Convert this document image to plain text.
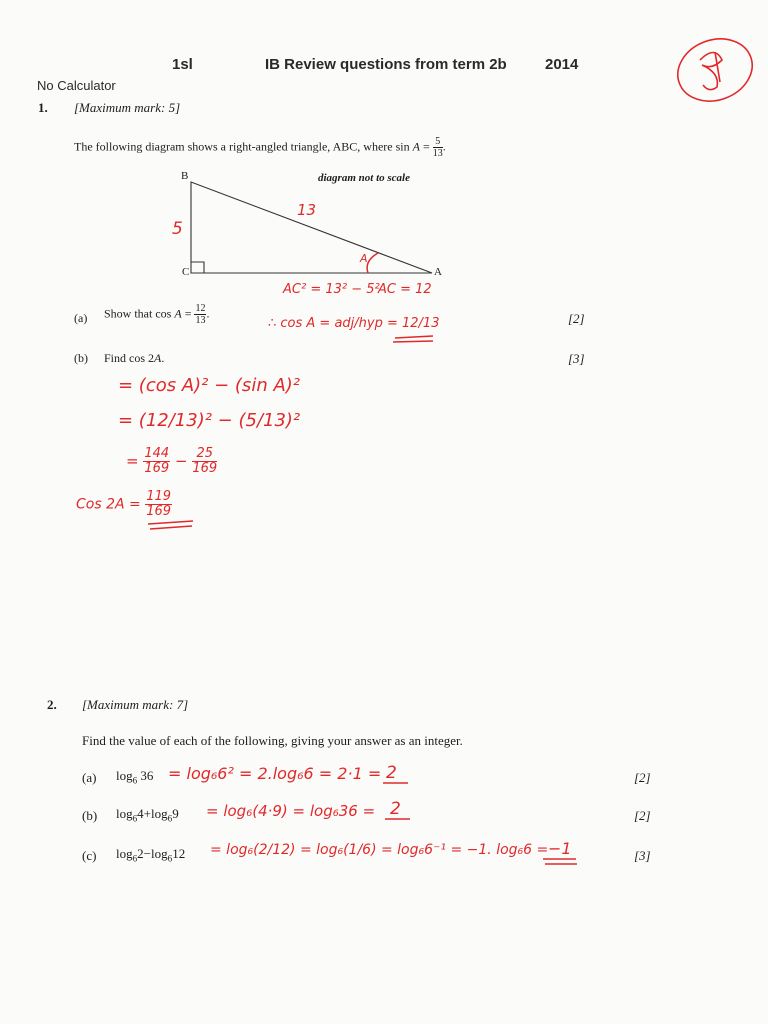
1sl	IB Review questions from term 2b	2014
No Calculator
1. [Maximum mark: 5]
The following diagram shows a right-angled triangle, ABC, where $\sin A = \frac{5}{13}$ .
diagram not to scale
B
C	A
13
5
A
AC² = 13² − 5²
AC = 12
(a) Show that $\cos A = \frac{12}{13}$ .
∴ cos A = adj/hyp = 12/13	[2]
(b) Find cos 2A.	[3]
= (cos A)² − (sin A)²
= (12/13)² − (5/13)²
= $\frac{144}{169} - \frac{25}{169}$
Cos $2A = \frac{119}{169}$
2. [Maximum mark: 7]
Find the value of each of the following, giving your answer as an integer.
(a) $\log_6 36 = \log_66^2 = 2.\log_66 = 2\cdot 1 = 2$	[2]
(b) $\log_64+\log_69 = \log_6(4\cdot 9) = \log_636 = 2$	[2]
(c) $\log_62-\log_612 = \log_6(2/12) = \log_6(1/6) = \log_66^{-1} = -1$. log₆6 = −1	[3]
